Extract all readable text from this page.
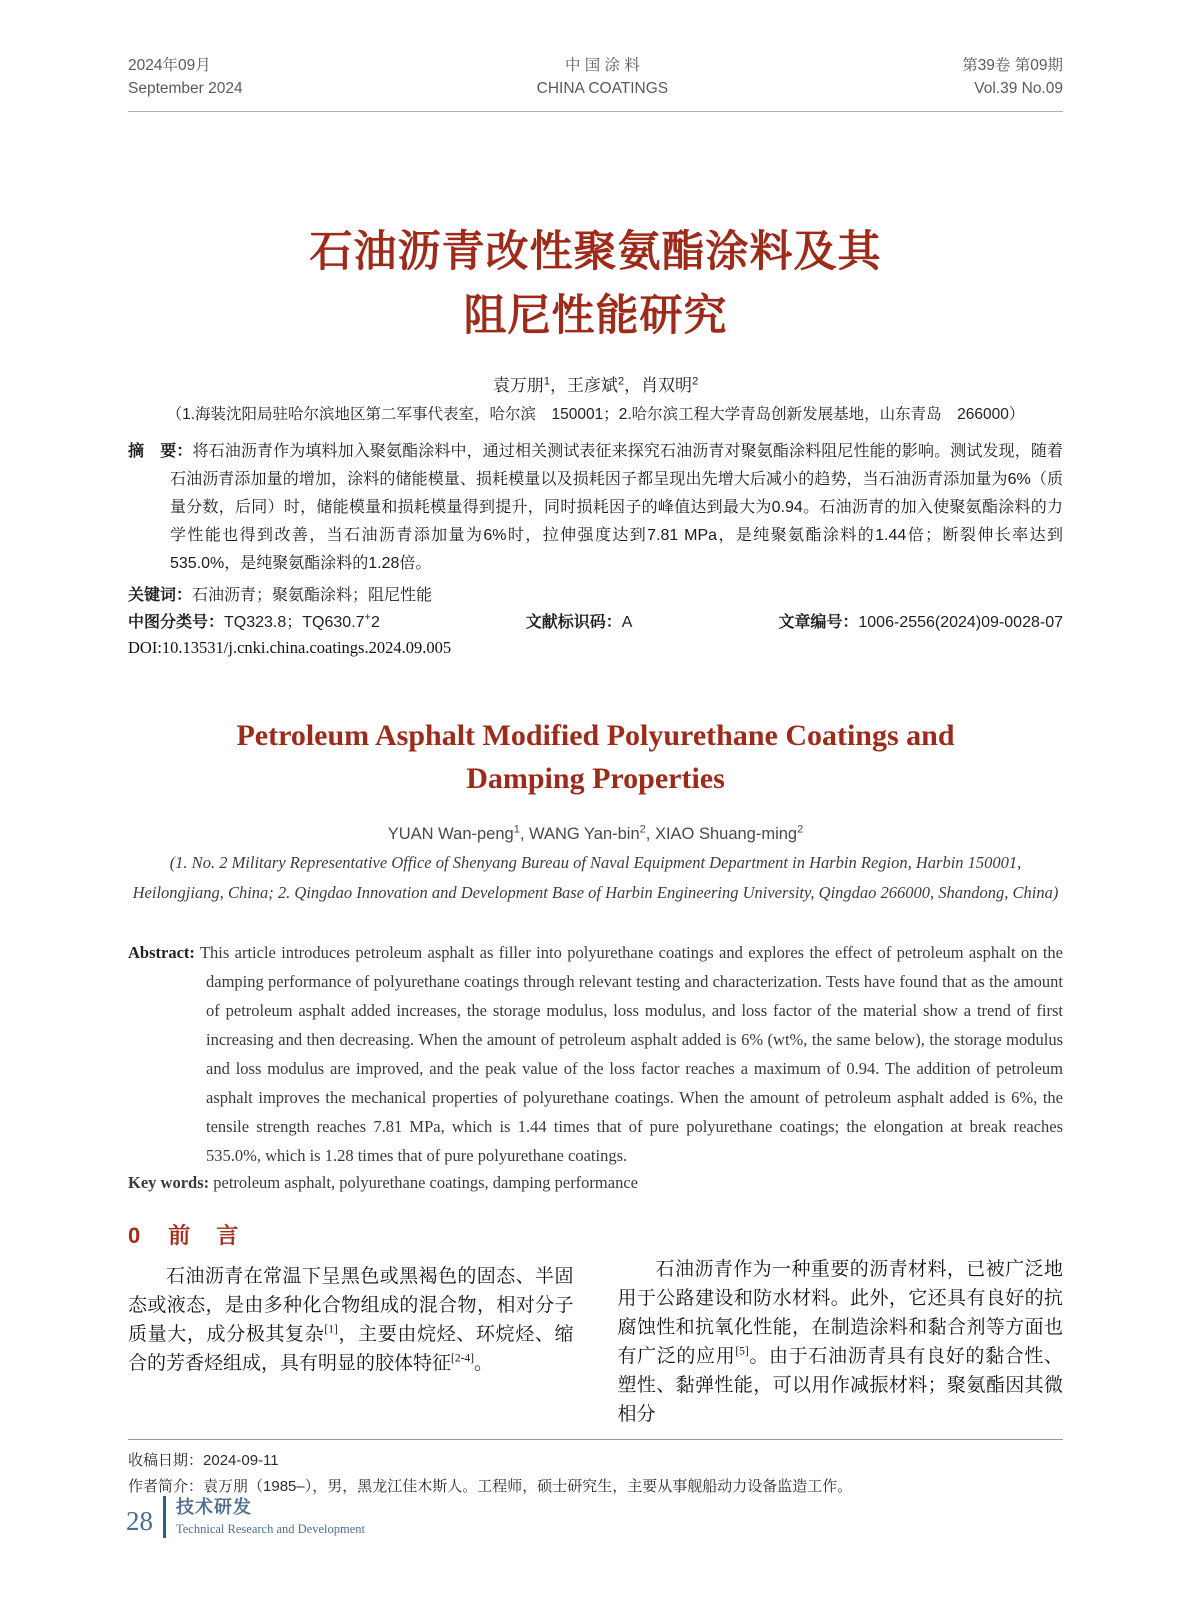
2024年09月
September 2024
中 国 涂 料
CHINA COATINGS
第39卷 第09期
Vol.39 No.09
石油沥青改性聚氨酯涂料及其
阻尼性能研究
袁万朋$^1$，王彦斌$^2$，肖双明$^2$
（1.海装沈阳局驻哈尔滨地区第二军事代表室，哈尔滨　150001；2.哈尔滨工程大学青岛创新发展基地，山东青岛　266000）

摘　要：将石油沥青作为填料加入聚氨酯涂料中，通过相关测试表征来探究石油沥青对聚氨酯涂料阻尼性能的影响。测试发现，随着石油沥青添加量的增加，涂料的储能模量、损耗模量以及损耗因子都呈现出先增大后减小的趋势，当石油沥青添加量为6%（质量分数，后同）时，储能模量和损耗模量得到提升，同时损耗因子的峰值达到最大为0.94。石油沥青的加入使聚氨酯涂料的力学性能也得到改善，当石油沥青添加量为6%时，拉伸强度达到7.81 MPa，是纯聚氨酯涂料的1.44倍；断裂伸长率达到535.0%，是纯聚氨酯涂料的1.28倍。

关键词：石油沥青；聚氨酯涂料；阻尼性能
中图分类号：TQ323.8；TQ630.7+2	文献标识码：A	文章编号：1006-2556(2024)09-0028-07
DOI:10.13531/j.cnki.china.coatings.2024.09.005
Petroleum Asphalt Modified Polyurethane Coatings and
Damping Properties
YUAN Wan-peng$^1$, WANG Yan-bin$^2$, XIAO Shuang-ming$^2$
(1. No. 2 Military Representative Office of Shenyang Bureau of Naval Equipment Department in Harbin Region, Harbin 150001, Heilongjiang, China; 2. Qingdao Innovation and Development Base of Harbin Engineering University, Qingdao 266000, Shandong, China)

Abstract: This article introduces petroleum asphalt as filler into polyurethane coatings and explores the effect of petroleum asphalt on the damping performance of polyurethane coatings through relevant testing and characterization. Tests have found that as the amount of petroleum asphalt added increases, the storage modulus, loss modulus, and loss factor of the material show a trend of first increasing and then decreasing. When the amount of petroleum asphalt added is 6% (wt%, the same below), the storage modulus and loss modulus are improved, and the peak value of the loss factor reaches a maximum of 0.94. The addition of petroleum asphalt improves the mechanical properties of polyurethane coatings. When the amount of petroleum asphalt added is 6%, the tensile strength reaches 7.81 MPa, which is 1.44 times that of pure polyurethane coatings; the elongation at break reaches 535.0%, which is 1.28 times that of pure polyurethane coatings.

Key words: petroleum asphalt, polyurethane coatings, damping performance
0 前　言

石油沥青在常温下呈黑色或黑褐色的固态、半固态或液态，是由多种化合物组成的混合物，相对分子质量大，成分极其复杂[1]，主要由烷烃、环烷烃、缩合的芳香烃组成，具有明显的胶体特征[2-4]。

石油沥青作为一种重要的沥青材料，已被广泛地用于公路建设和防水材料。此外，它还具有良好的抗腐蚀性和抗氧化性能，在制造涂料和黏合剂等方面也有广泛的应用[5]。由于石油沥青具有良好的黏合性、塑性、黏弹性能，可以用作减振材料；聚氨酯因其微相分

收稿日期：2024-09-11
作者简介：袁万朋（1985–），男，黑龙江佳木斯人。工程师，硕士研究生，主要从事舰船动力设备监造工作。
28 技术研发
Technical Research and Development
